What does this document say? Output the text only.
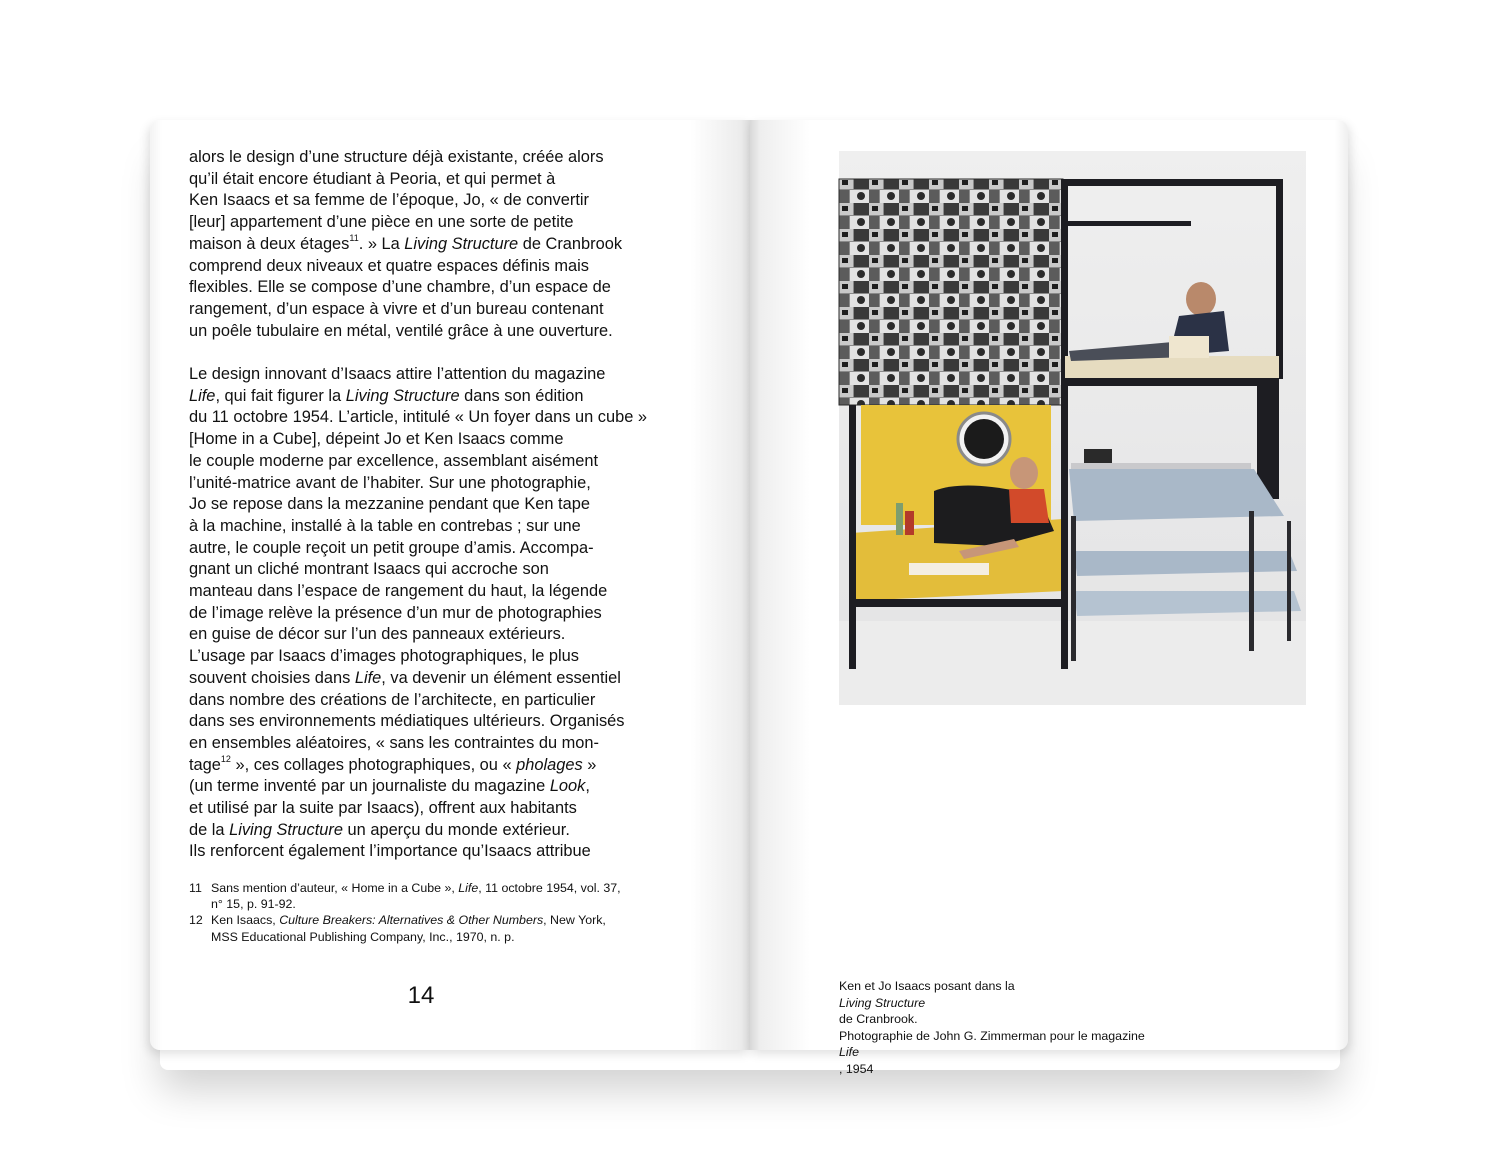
alors le design d’une structure déjà existante, créée alors
qu’il était encore étudiant à Peoria, et qui permet à
Ken Isaacs et sa femme de l’époque, Jo, « de convertir
[leur] appartement d’une pièce en une sorte de petite
maison à deux étages$^{11}$. » La Living Structure de Cranbrook
comprend deux niveaux et quatre espaces définis mais
flexibles. Elle se compose d’une chambre, d’un espace de
rangement, d’un espace à vivre et d’un bureau contenant
un poêle tubulaire en métal, ventilé grâce à une ouverture.

Le design innovant d’Isaacs attire l’attention du magazine
Life, qui fait figurer la Living Structure dans son édition
du 11 octobre 1954. L’article, intitulé « Un foyer dans un cube »
[Home in a Cube], dépeint Jo et Ken Isaacs comme
le couple moderne par excellence, assemblant aisément
l’unité-matrice avant de l’habiter. Sur une photographie,
Jo se repose dans la mezzanine pendant que Ken tape
à la machine, installé à la table en contrebas ; sur une
autre, le couple reçoit un petit groupe d’amis. Accompa-
gnant un cliché montrant Isaacs qui accroche son
manteau dans l’espace de rangement du haut, la légende
de l’image relève la présence d’un mur de photographies
en guise de décor sur l’un des panneaux extérieurs.
L’usage par Isaacs d’images photographiques, le plus
souvent choisies dans Life, va devenir un élément essentiel
dans nombre des créations de l’architecte, en particulier
dans ses environnements médiatiques ultérieurs. Organisés
en ensembles aléatoires, « sans les contraintes du mon-
tage$^{12}$ », ces collages photographiques, ou « pholages »
(un terme inventé par un journaliste du magazine Look,
et utilisé par la suite par Isaacs), offrent aux habitants
de la Living Structure un aperçu du monde extérieur.
Ils renforcent également l’importance qu’Isaacs attribue

11 Sans mention d’auteur, « Home in a Cube », Life, 11 octobre 1954, vol. 37,
n° 15, p. 91-92.
12 Ken Isaacs, Culture Breakers: Alternatives & Other Numbers, New York,
MSS Educational Publishing Company, Inc., 1970, n. p.
14	Ken et Jo Isaacs posant dans la
Living Structure
de Cranbrook.
Photographie de John G. Zimmerman pour le magazine
Life
, 1954
